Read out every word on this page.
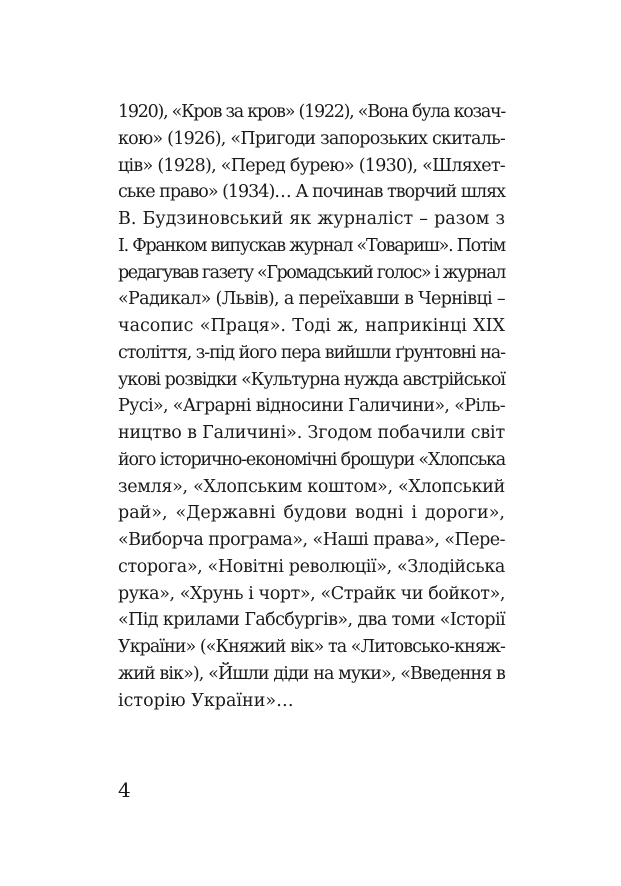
1920), «Кров за кров» (1922), «Вона була козач-
кою» (1926), «Пригоди запорозьких скиталь-
ців» (1928), «Перед бурею» (1930), «Шляхет-
ське право» (1934)… А починав творчий шлях
В. Будзиновський як журналіст – разом з
І. Франком випускав журнал «Товариш». Потім
редагував газету «Громадський голос» і журнал
«Радикал» (Львів), а переїхавши в Чернівці –
часопис «Праця». Тоді ж, наприкінці XIX
століття, з-під його пера вийшли ґрунтовні на-
укові розвідки «Культурна нужда австрійської
Русі», «Аграрні відносини Галичини», «Ріль-
ництво в Галичині». Згодом побачили світ
його історично-економічні брошури «Хлопська
земля», «Хлопським коштом», «Хлопський
рай», «Державні будови водні і дороги»,
«Виборча програма», «Наші права», «Пере-
сторога», «Новітні революції», «Злодійська
рука», «Хрунь і чорт», «Страйк чи бойкот»,
«Під крилами Габсбургів», два томи «Історії
України» («Княжий вік» та «Литовсько-княж-
жий вік»), «Йшли діди на муки», «Введення в
історію України»…
4
